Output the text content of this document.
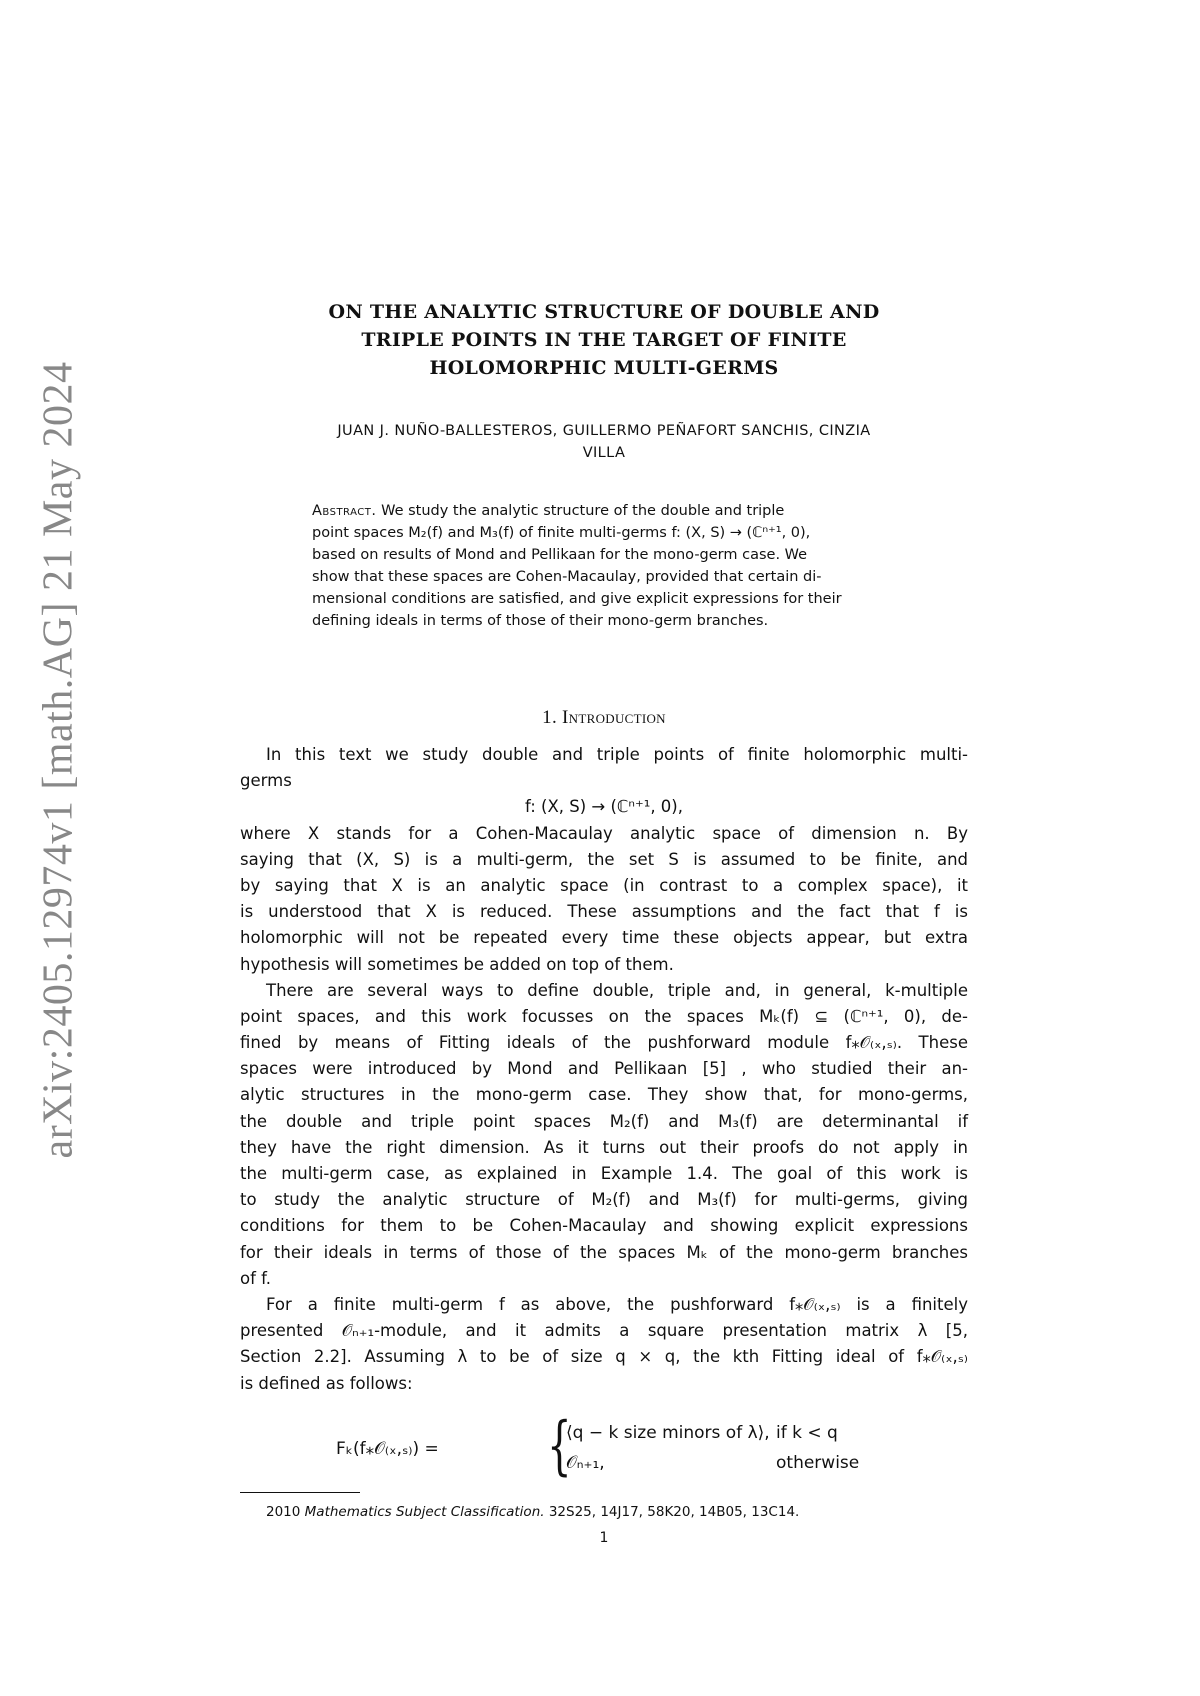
arXiv:2405.12974v1 [math.AG] 21 May 2024
ON THE ANALYTIC STRUCTURE OF DOUBLE AND
TRIPLE POINTS IN THE TARGET OF FINITE
HOLOMORPHIC MULTI-GERMS
JUAN J. NUÑO-BALLESTEROS, GUILLERMO PEÑAFORT SANCHIS, CINZIA
VILLA
Abstract. We study the analytic structure of the double and triple
point spaces M₂(f) and M₃(f) of finite multi-germs f: (X, S) → (ℂⁿ⁺¹, 0),
based on results of Mond and Pellikaan for the mono-germ case. We
show that these spaces are Cohen-Macaulay, provided that certain di-
mensional conditions are satisfied, and give explicit expressions for their
defining ideals in terms of those of their mono-germ branches.
1. Introduction
In this text we study double and triple points of finite holomorphic multi-
germs
f: (X, S) → (ℂⁿ⁺¹, 0),
where X stands for a Cohen-Macaulay analytic space of dimension n. By
saying that (X, S) is a multi-germ, the set S is assumed to be finite, and
by saying that X is an analytic space (in contrast to a complex space), it
is understood that X is reduced. These assumptions and the fact that f is
holomorphic will not be repeated every time these objects appear, but extra
hypothesis will sometimes be added on top of them.
There are several ways to define double, triple and, in general, k-multiple
point spaces, and this work focusses on the spaces Mₖ(f) ⊆ (ℂⁿ⁺¹, 0), de-
fined by means of Fitting ideals of the pushforward module f⁎𝒪₍ₓ,ₛ₎. These
spaces were introduced by Mond and Pellikaan [5] , who studied their an-
alytic structures in the mono-germ case. They show that, for mono-germs,
the double and triple point spaces M₂(f) and M₃(f) are determinantal if
they have the right dimension. As it turns out their proofs do not apply in
the multi-germ case, as explained in Example 1.4. The goal of this work is
to study the analytic structure of M₂(f) and M₃(f) for multi-germs, giving
conditions for them to be Cohen-Macaulay and showing explicit expressions
for their ideals in terms of those of the spaces Mₖ of the mono-germ branches
of f.
For a finite multi-germ f as above, the pushforward f⁎𝒪₍ₓ,ₛ₎ is a finitely
presented 𝒪ₙ₊₁-module, and it admits a square presentation matrix λ [5,
Section 2.2]. Assuming λ to be of size q × q, the kth Fitting ideal of f⁎𝒪₍ₓ,ₛ₎
is defined as follows:
Fₖ(f⁎𝒪₍ₓ,ₛ₎) = {
⟨q − k size minors of λ⟩, if k < q
𝒪ₙ₊₁,	otherwise
2010 Mathematics Subject Classification. 32S25, 14J17, 58K20, 14B05, 13C14.
1
